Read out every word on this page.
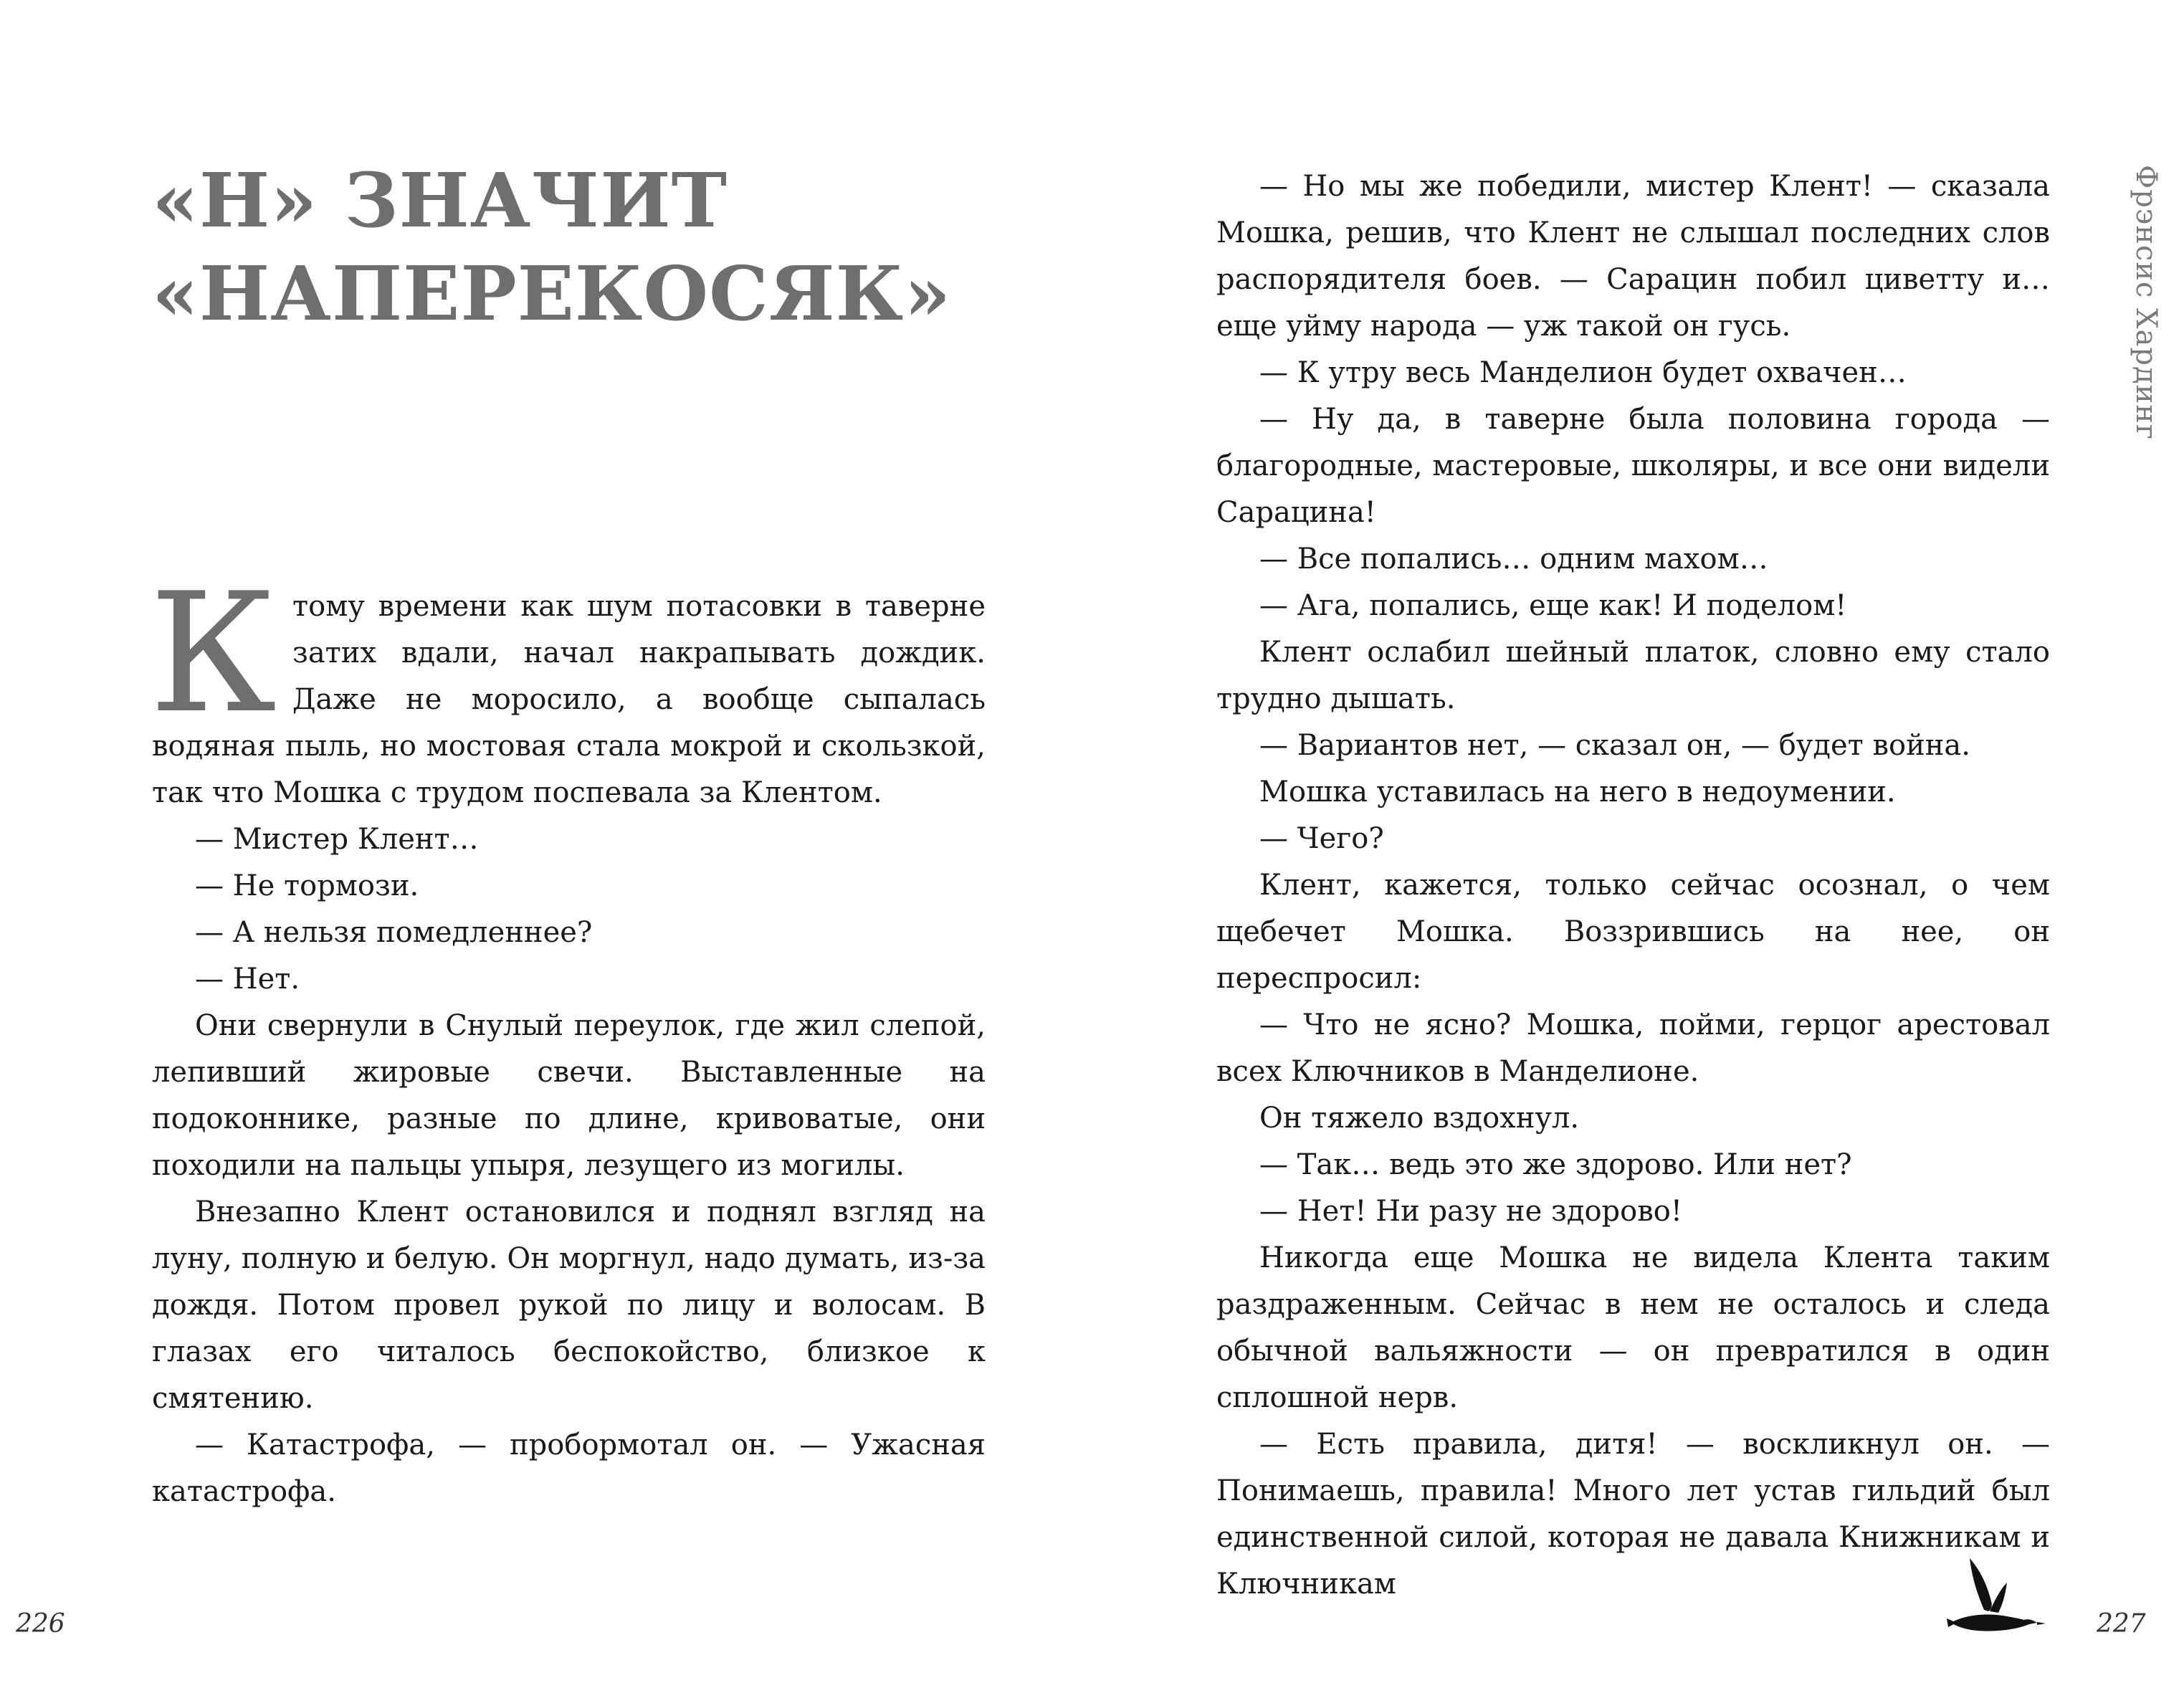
«Н» ЗНАЧИТ
«НАПЕРЕКОСЯК»

К тому времени как шум потасовки в таверне затих вдали, начал накрапывать дождик. Даже не моросило, а вообще сыпалась водяная пыль, но мостовая стала мокрой и скользкой, так что Мошка с трудом поспевала за Клентом.

— Мистер Клент…

— Не тормози.

— А нельзя помедленнее?

— Нет.

Они свернули в Снулый переулок, где жил слепой, лепивший жировые свечи. Выставленные на подоконнике, разные по длине, кривоватые, они походили на пальцы упыря, лезущего из могилы.

Внезапно Клент остановился и поднял взгляд на луну, полную и белую. Он моргнул, надо думать, из-за дождя. Потом провел рукой по лицу и волосам. В глазах его читалось беспокойство, близкое к смятению.

— Катастрофа, — пробормотал он. — Ужасная катастрофа.

226

— Но мы же победили, мистер Клент! — сказала Мошка, решив, что Клент не слышал последних слов распорядителя боев. — Сарацин побил циветту и… еще уйму народа — уж такой он гусь.

— К утру весь Манделион будет охвачен…

— Ну да, в таверне была половина города — благородные, мастеровые, школяры, и все они видели Сарацина!

— Все попались… одним махом…

— Ага, попались, еще как! И поделом!

Клент ослабил шейный платок, словно ему стало трудно дышать.

— Вариантов нет, — сказал он, — будет война.

Мошка уставилась на него в недоумении.

— Чего?

Клент, кажется, только сейчас осознал, о чем щебечет Мошка. Воззрившись на нее, он переспросил:

— Что не ясно? Мошка, пойми, герцог арестовал всех Ключников в Манделионе.

Он тяжело вздохнул.

— Так… ведь это же здорово. Или нет?

— Нет! Ни разу не здорово!

Никогда еще Мошка не видела Клента таким раздраженным. Сейчас в нем не осталось и следа обычной вальяжности — он превратился в один сплошной нерв.

— Есть правила, дитя! — воскликнул он. — Понимаешь, правила! Много лет устав гильдий был единственной силой, которая не давала Книжникам и Ключникам

Фрэнсис Хардинг
227
